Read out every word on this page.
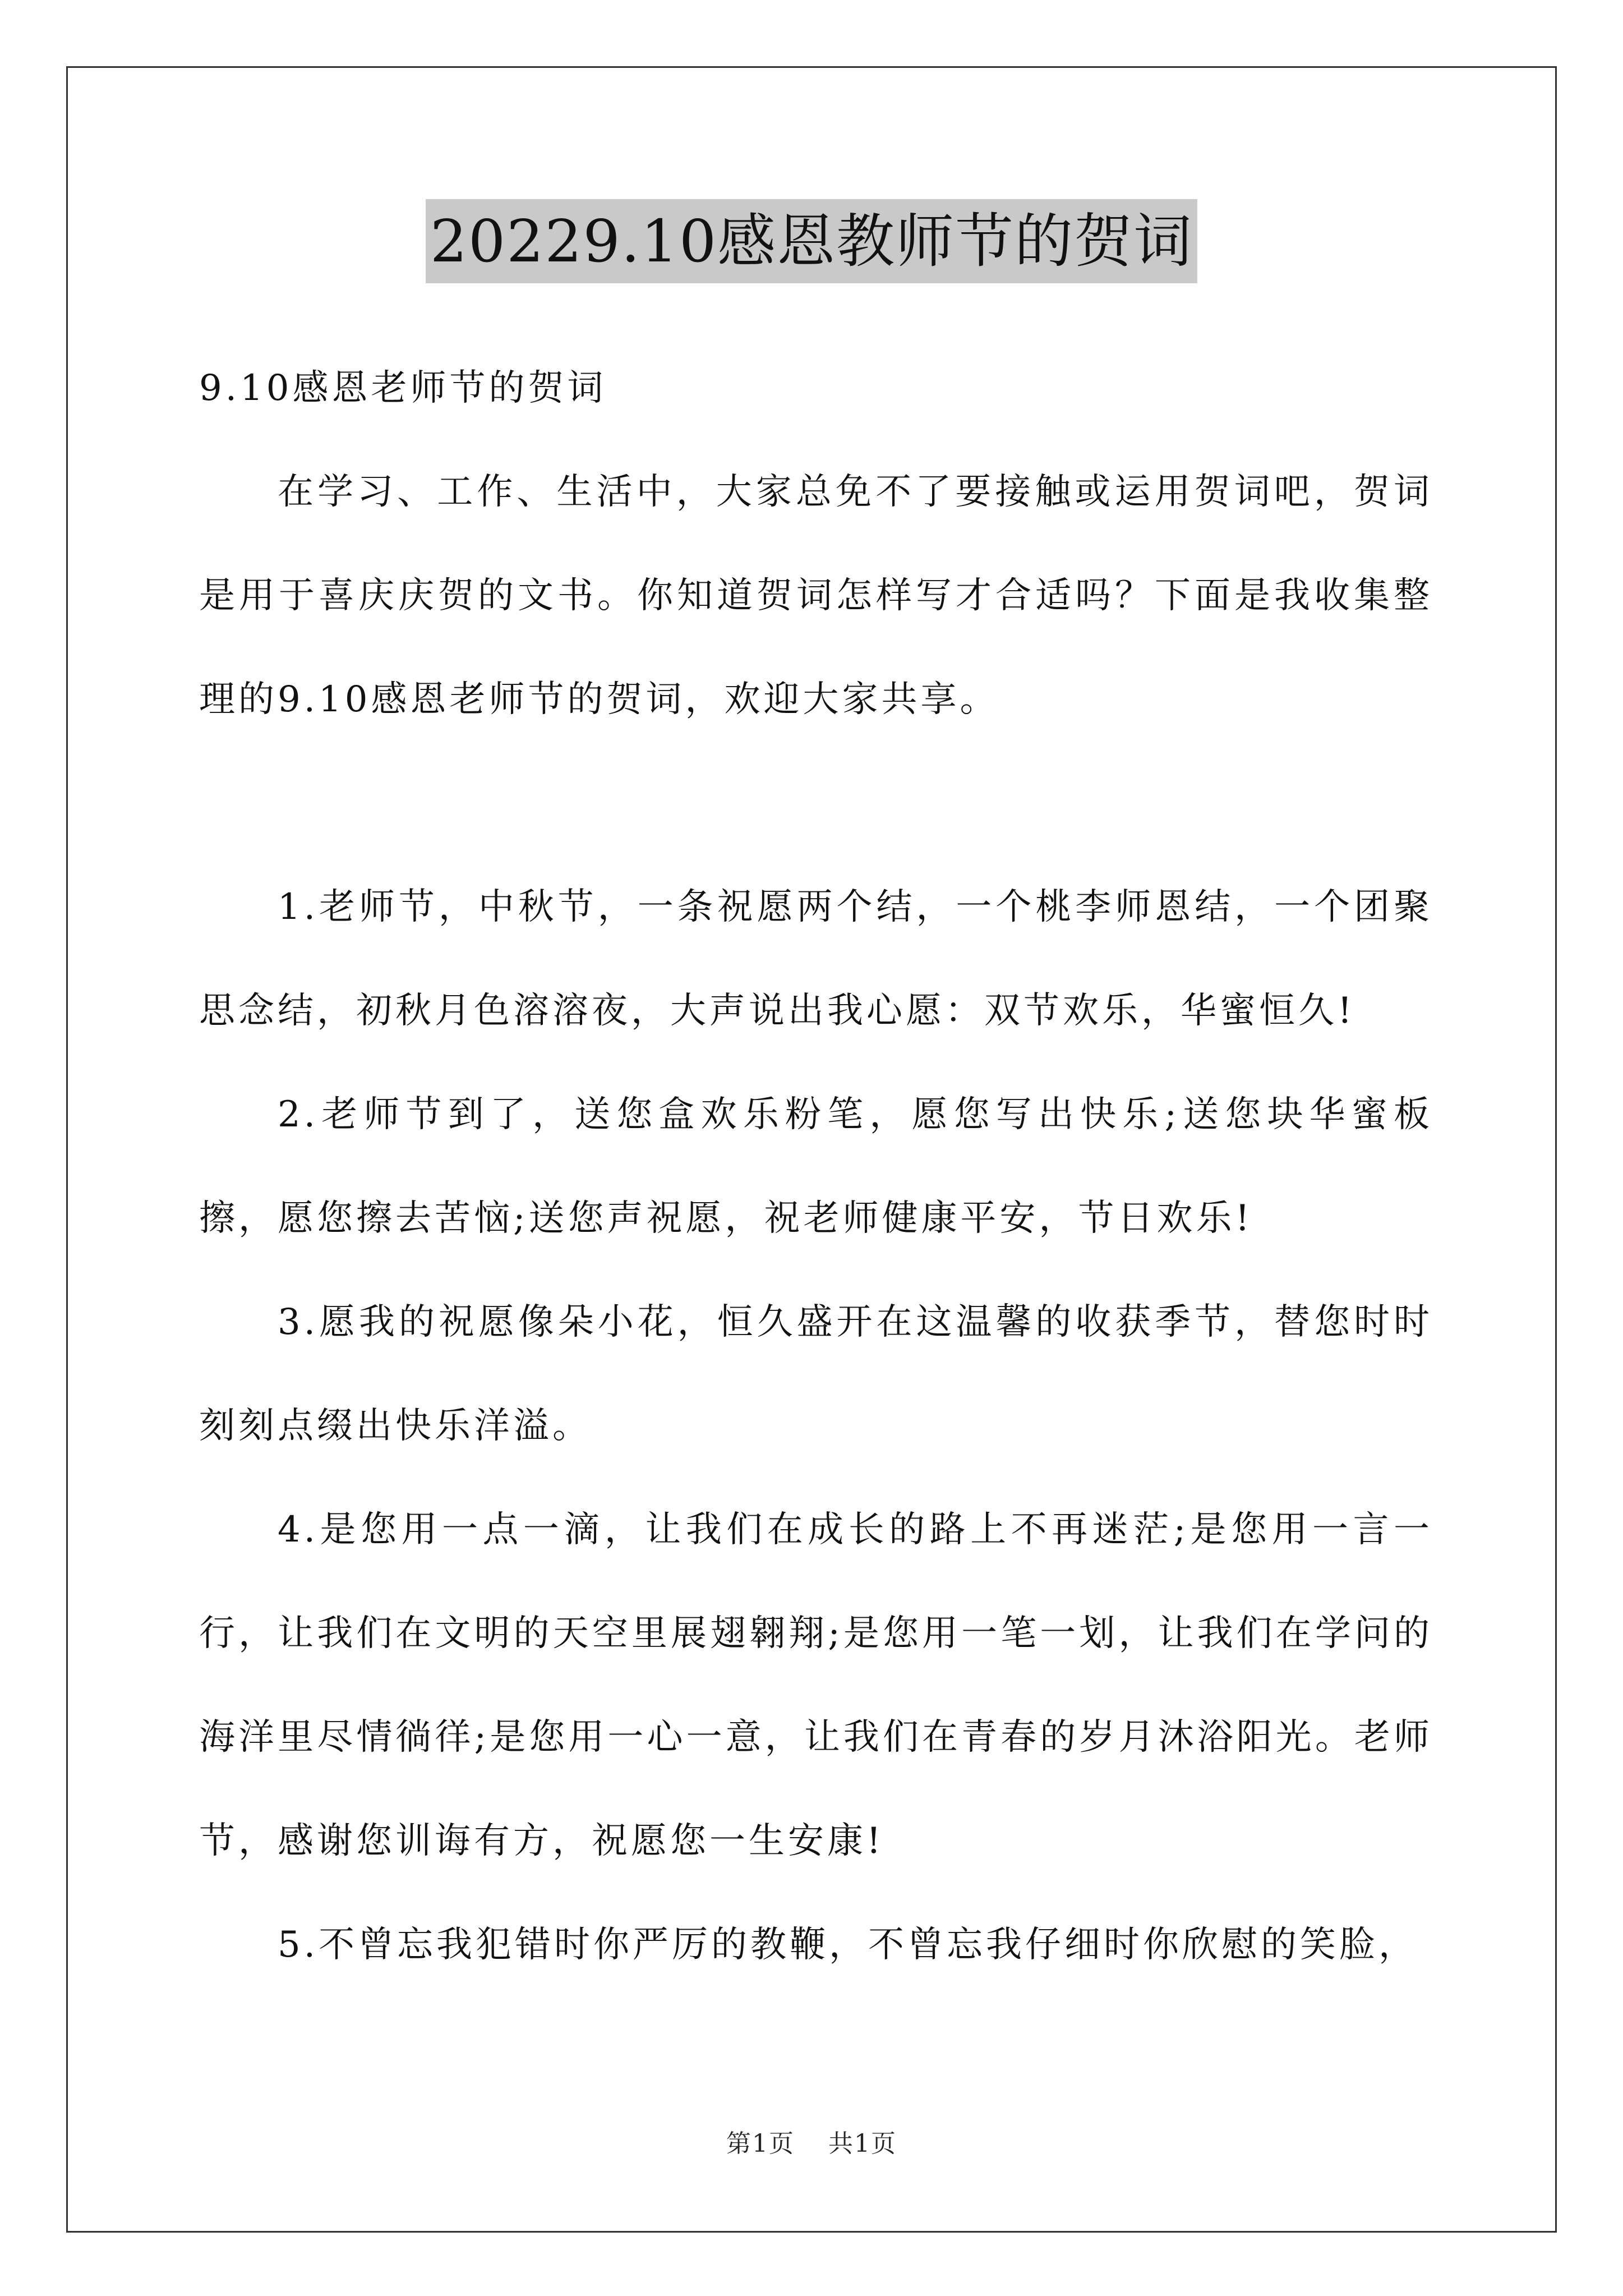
20229.10感恩教师节的贺词

9.10感恩老师节的贺词

在学习、工作、生活中，大家总免不了要接触或运用贺词吧，贺词是用于喜庆庆贺的文书。你知道贺词怎样写才合适吗？下面是我收集整理的9.10感恩老师节的贺词，欢迎大家共享。

1.老师节，中秋节，一条祝愿两个结，一个桃李师恩结，一个团聚思念结，初秋月色溶溶夜，大声说出我心愿：双节欢乐，华蜜恒久!

2.老师节到了，送您盒欢乐粉笔，愿您写出快乐;送您块华蜜板擦，愿您擦去苦恼;送您声祝愿，祝老师健康平安，节日欢乐!

3.愿我的祝愿像朵小花，恒久盛开在这温馨的收获季节，替您时时刻刻点缀出快乐洋溢。

4.是您用一点一滴，让我们在成长的路上不再迷茫;是您用一言一行，让我们在文明的天空里展翅翱翔;是您用一笔一划，让我们在学问的海洋里尽情徜徉;是您用一心一意，让我们在青春的岁月沐浴阳光。老师节，感谢您训诲有方，祝愿您一生安康!

5.不曾忘我犯错时你严厉的教鞭，不曾忘我仔细时你欣慰的笑脸，

第1页 共1页
